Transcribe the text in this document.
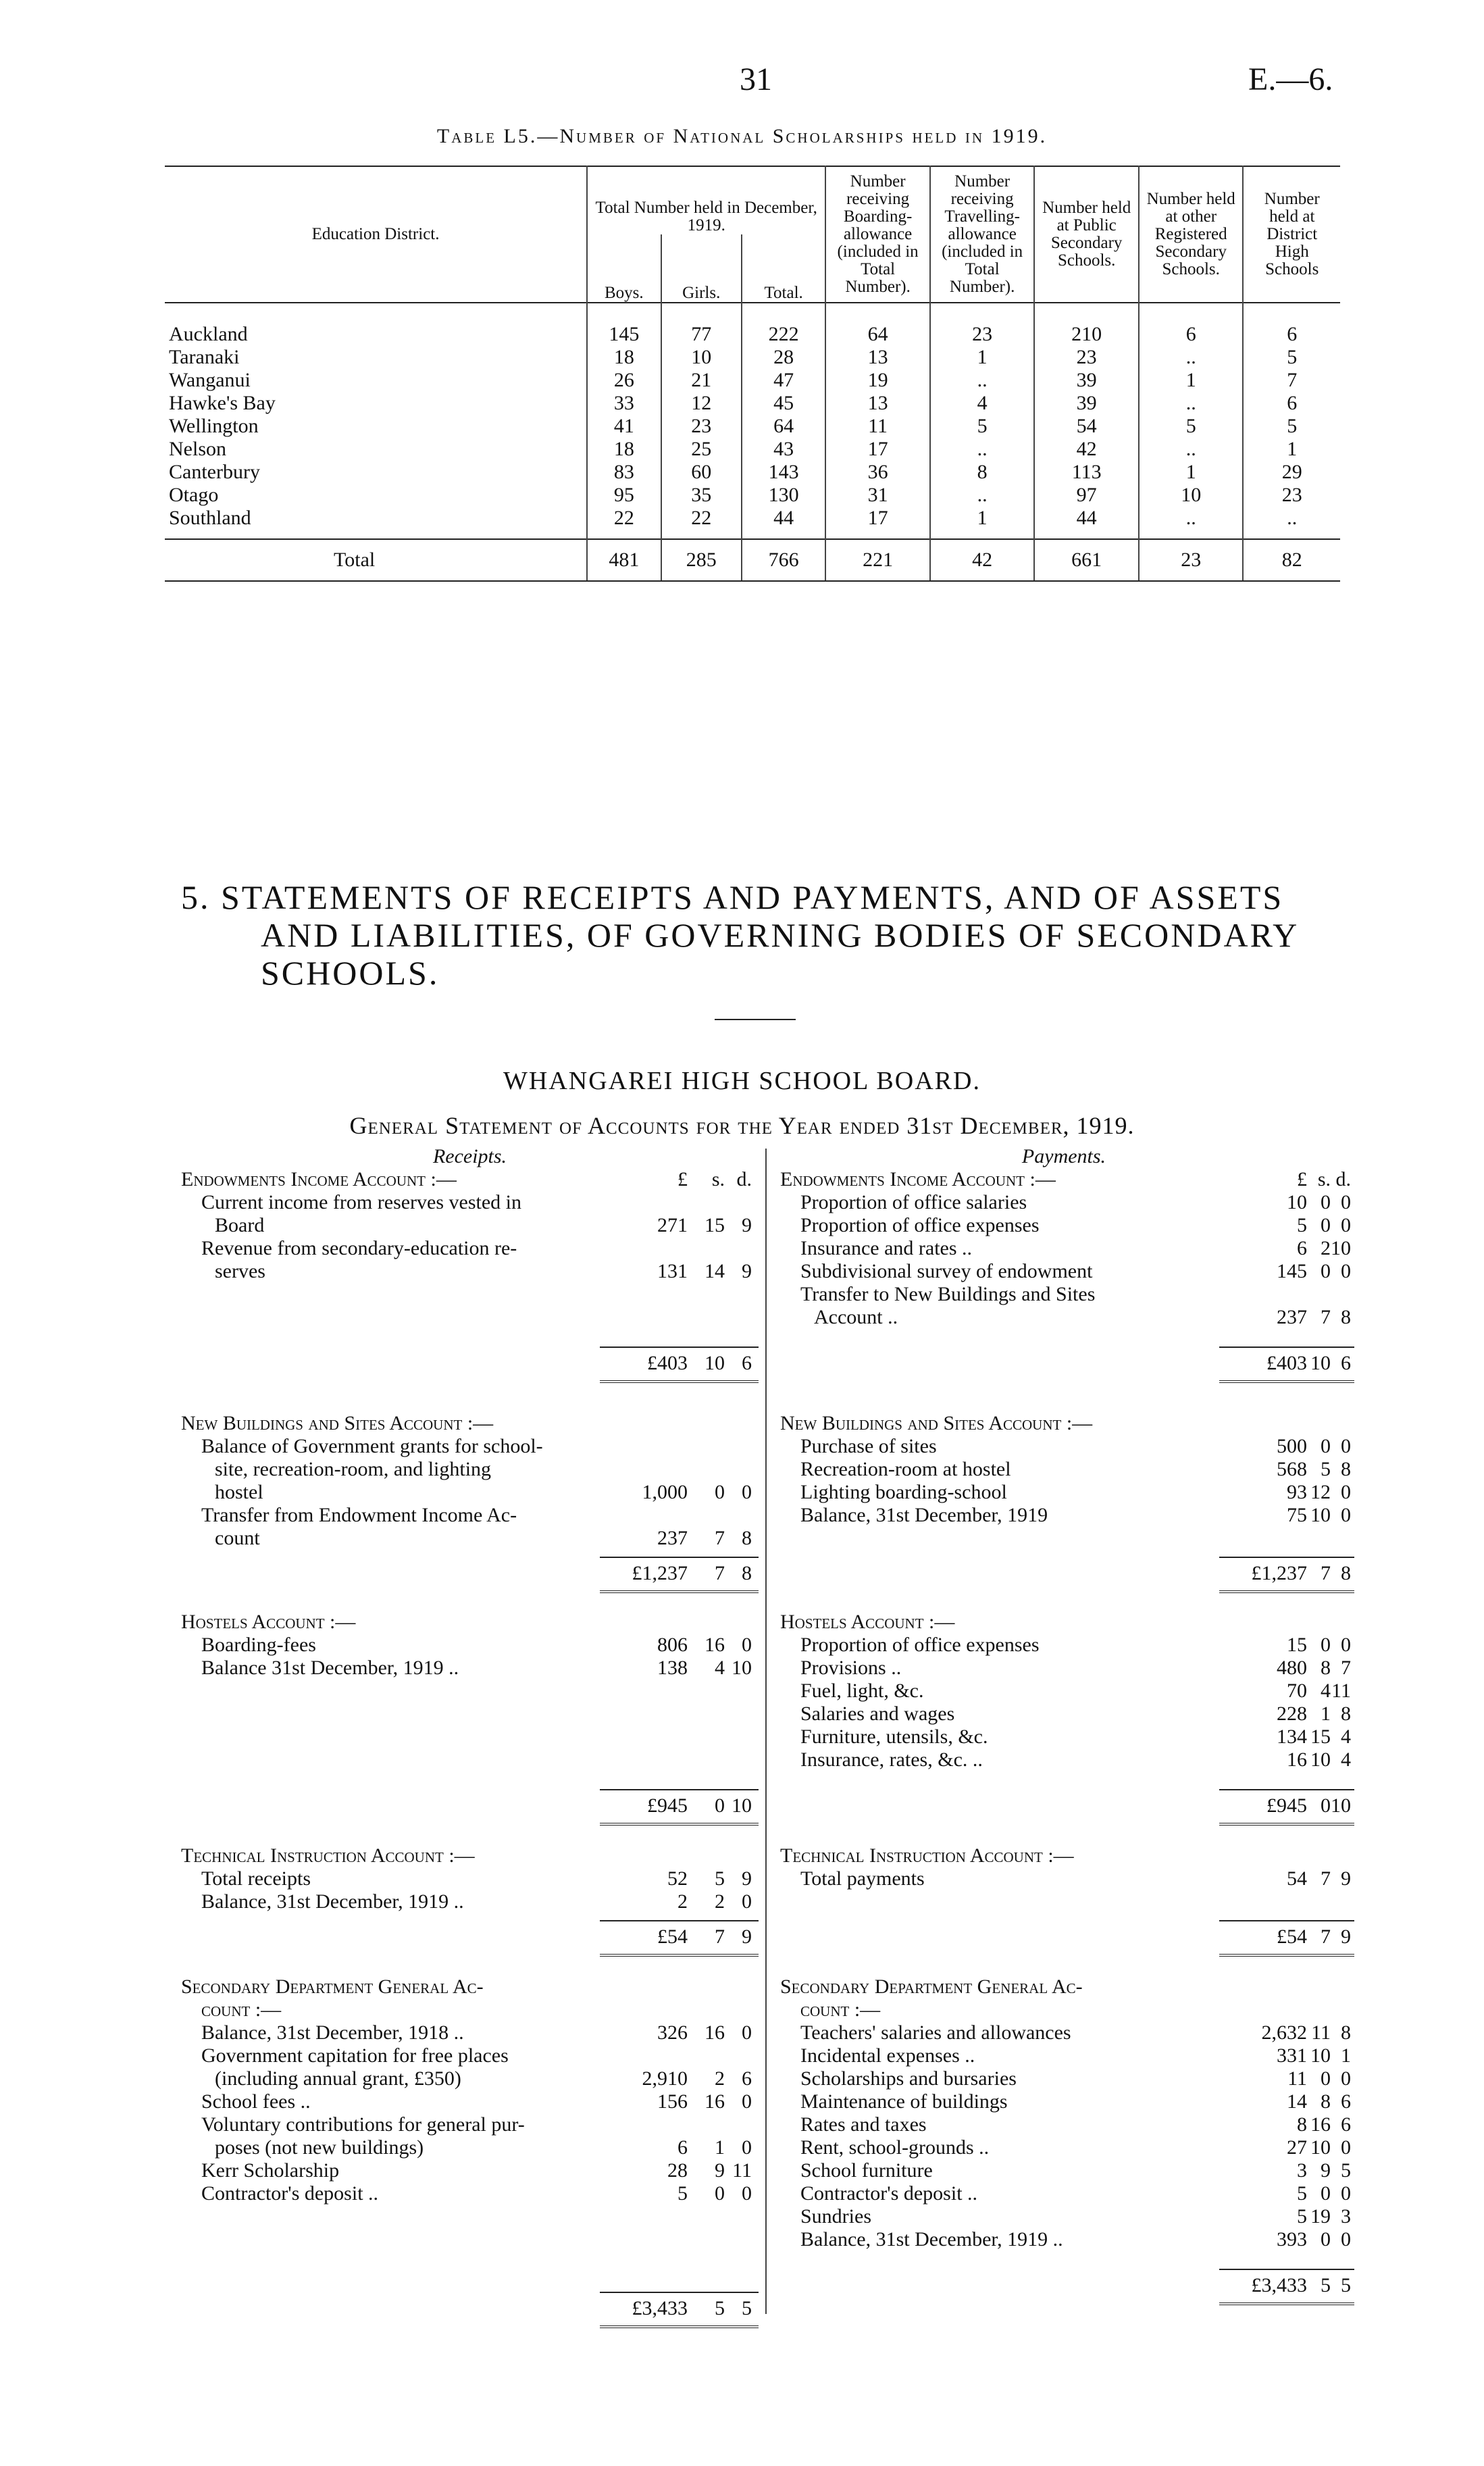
31	E.—6.
Table L5.—Number of National Scholarships held in 1919.
Education District.	Total Number held in December, 1919.			Number receiving Boarding-allowance (included in Total Number).	Number receiving Travelling-allowance (included in Total Number).	Number held at Public Secondary Schools.	Number held at other Registered Secondary Schools.	Number held at District High Schools
	Boys.	Girls.	Total.					

Auckland	145	77	222	64	23	210	6	6
Taranaki	18	10	28	13	1	23	..	5
Wanganui	26	21	47	19	..	39	1	7
Hawke's Bay	33	12	45	13	4	39	..	6
Wellington	41	23	64	11	5	54	5	5
Nelson	18	25	43	17	..	42	..	1
Canterbury	83	60	143	36	8	113	1	29
Otago	95	35	130	31	..	97	10	23
Southland	22	22	44	17	1	44	..	..

Total	481	285	766	221	42	661	23	82
5. STATEMENTS OF RECEIPTS AND PAYMENTS, AND OF ASSETS
AND LIABILITIES, OF GOVERNING BODIES OF SECONDARY
SCHOOLS.
WHANGAREI HIGH SCHOOL BOARD.
General Statement of Accounts for the Year ended 31st December, 1919.
Receipts.
Endowments Income Account :—	£	s. d.
Current income from reserves vested in
Board	271 15 9
Revenue from secondary-education re-
serves	131 14 9
£403 10 6
New Buildings and Sites Account :—
Balance of Government grants for school-
site, recreation-room, and lighting
hostel	1,000	0 0
Transfer from Endowment Income Ac-
count	237	7 8
£1,237	7 8
Hostels Account :—
Boarding-fees	806 16 0
Balance 31st December, 1919 ..	138	4 10
£945	0 10
Technical Instruction Account :—
Total receipts	52	5 9
Balance, 31st December, 1919 ..	2	2 0
£54	7 9
Secondary Department General Ac-
count :—
Balance, 31st December, 1918 ..	326 16 0
Government capitation for free places
(including annual grant, £350)	2,910	2 6
School fees ..	156 16 0
Voluntary contributions for general pur-
poses (not new buildings)	6	1 0
Kerr Scholarship	28	9 11
Contractor's deposit ..	5	0 0
£3,433	5 5
Payments.
Endowments Income Account :—	£ s. d.
Proportion of office salaries	10 0 0
Proportion of office expenses	5 0 0
Insurance and rates ..	6 2 10
Subdivisional survey of endowment	145 0 0
Transfer to New Buildings and Sites
Account ..	237 7 8
£403 10 6
New Buildings and Sites Account :—
Purchase of sites	500 0 0
Recreation-room at hostel	568 5 8
Lighting boarding-school	93 12 0
Balance, 31st December, 1919	75 10 0
£1,237 7 8
Hostels Account :—
Proportion of office expenses	15 0 0
Provisions ..	480 8 7
Fuel, light, &c.	70 4 11
Salaries and wages	228 1 8
Furniture, utensils, &c.	134 15 4
Insurance, rates, &c. ..	16 10 4
£945 0 10
Technical Instruction Account :—
Total payments	54 7 9
£54 7 9
Secondary Department General Ac-
count :—
Teachers' salaries and allowances	2,632 11 8
Incidental expenses ..	331 10 1
Scholarships and bursaries	11 0 0
Maintenance of buildings	14 8 6
Rates and taxes	8 16 6
Rent, school-grounds ..	27 10 0
School furniture	3 9 5
Contractor's deposit ..	5 0 0
Sundries	5 19 3
Balance, 31st December, 1919 ..	393 0 0
£3,433 5 5
